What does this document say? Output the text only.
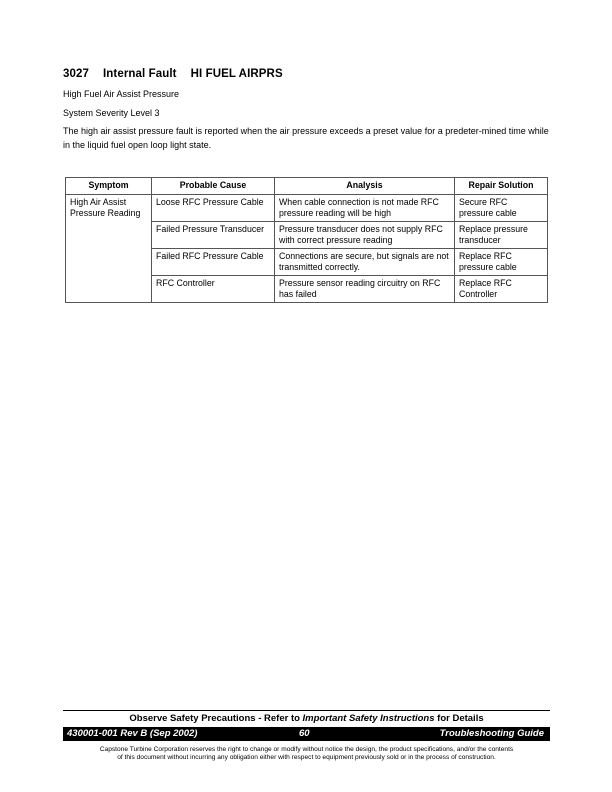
3027 Internal Fault HI FUEL AIRPRS
High Fuel Air Assist Pressure
System Severity Level 3
The high air assist pressure fault is reported when the air pressure exceeds a preset value for a predeter-mined time while in the liquid fuel open loop light state.
Symptom	Probable Cause	Analysis	Repair Solution
High Air Assist Pressure Reading	Loose RFC Pressure Cable	When cable connection is not made RFC pressure reading will be high	Secure RFC pressure cable
	Failed Pressure Transducer	Pressure transducer does not supply RFC with correct pressure reading	Replace pressure transducer
	Failed RFC Pressure Cable	Connections are secure, but signals are not transmitted correctly.	Replace RFC pressure cable
	RFC Controller	Pressure sensor reading circuitry on RFC has failed	Replace RFC Controller
Observe Safety Precautions - Refer to Important Safety Instructions for Details
430001-001 Rev B (Sep 2002)	60	Troubleshooting Guide
Capstone Turbine Corporation reserves the right to change or modify without notice the design, the product specifications, and/or the contents
of this document without incurring any obligation either with respect to equipment previously sold or in the process of construction.
